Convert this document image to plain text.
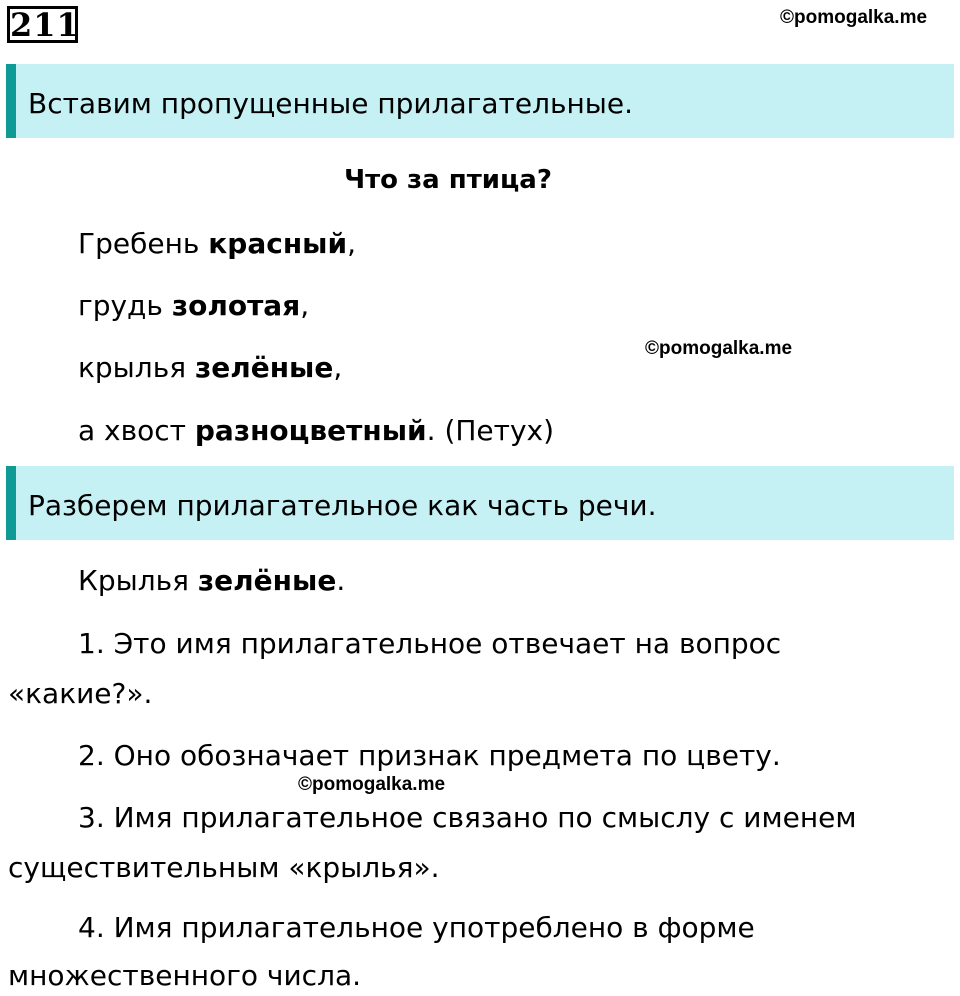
211	©pomogalka.me
Вставим пропущенные прилагательные.
Что за птица?
Гребень красный,
грудь золотая,
крылья зелёные,
©pomogalka.me
а хвост разноцветный. (Петух)
Разберем прилагательное как часть речи.
Крылья зелёные.
1. Это имя прилагательное отвечает на вопрос
«какие?».
2. Оно обозначает признак предмета по цвету.
©pomogalka.me
3. Имя прилагательное связано по смыслу с именем
существительным «крылья».
4. Имя прилагательное употреблено в форме
множественного числа.
